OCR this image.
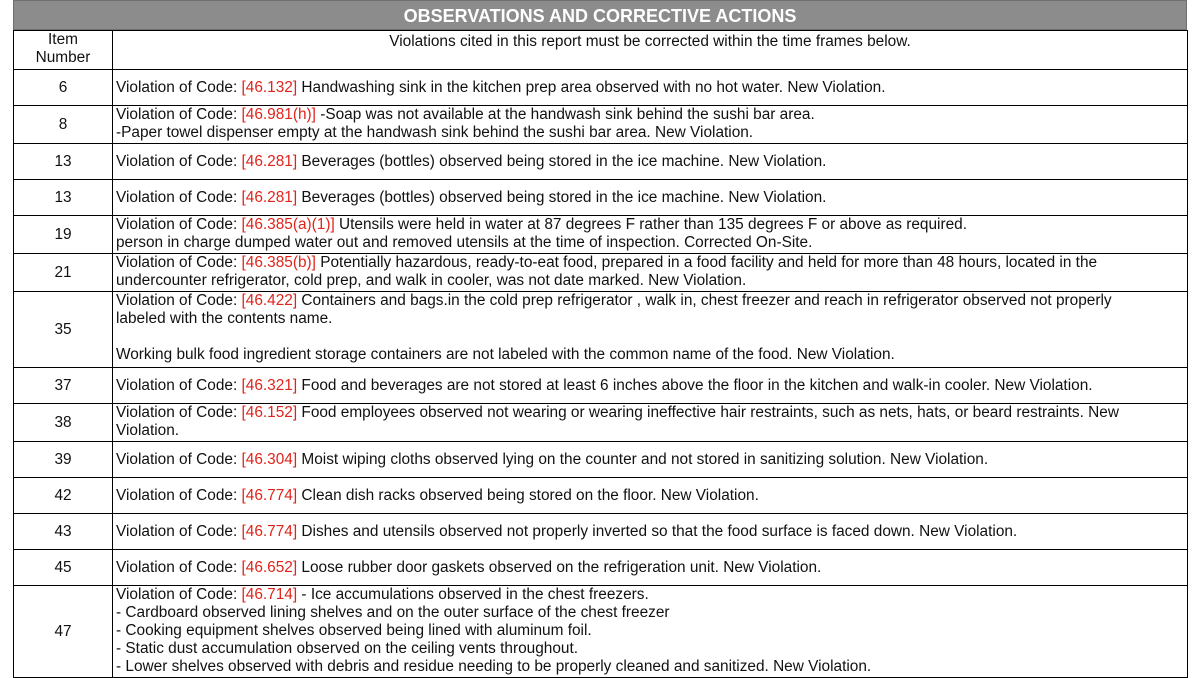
OBSERVATIONS AND CORRECTIVE ACTIONS
Item
Number	Violations cited in this report must be corrected within the time frames below.
6	Violation of Code: [46.132] Handwashing sink in the kitchen prep area observed with no hot water. New Violation.

8	Violation of Code: [46.981(h)] -Soap was not available at the handwash sink behind the sushi bar area.
-Paper towel dispenser empty at the handwash sink behind the sushi bar area. New Violation.

13	Violation of Code: [46.281] Beverages (bottles) observed being stored in the ice machine. New Violation.

13	Violation of Code: [46.281] Beverages (bottles) observed being stored in the ice machine. New Violation.

19	Violation of Code: [46.385(a)(1)] Utensils were held in water at 87 degrees F rather than 135 degrees F or above as required.
person in charge dumped water out and removed utensils at the time of inspection. Corrected On-Site.

21	Violation of Code: [46.385(b)] Potentially hazardous, ready-to-eat food, prepared in a food facility and held for more than 48 hours, located in the
undercounter refrigerator, cold prep, and walk in cooler, was not date marked. New Violation.

35	Violation of Code: [46.422] Containers and bags.in the cold prep refrigerator , walk in, chest freezer and reach in refrigerator observed not properly
labeled with the contents name.
Working bulk food ingredient storage containers are not labeled with the common name of the food. New Violation.

37	Violation of Code: [46.321] Food and beverages are not stored at least 6 inches above the floor in the kitchen and walk-in cooler. New Violation.

38	Violation of Code: [46.152] Food employees observed not wearing or wearing ineffective hair restraints, such as nets, hats, or beard restraints. New
Violation.

39	Violation of Code: [46.304] Moist wiping cloths observed lying on the counter and not stored in sanitizing solution. New Violation.

42	Violation of Code: [46.774] Clean dish racks observed being stored on the floor. New Violation.

43	Violation of Code: [46.774] Dishes and utensils observed not properly inverted so that the food surface is faced down. New Violation.

45	Violation of Code: [46.652] Loose rubber door gaskets observed on the refrigeration unit. New Violation.

47	Violation of Code: [46.714] - Ice accumulations observed in the chest freezers.
- Cardboard observed lining shelves and on the outer surface of the chest freezer
- Cooking equipment shelves observed being lined with aluminum foil.
- Static dust accumulation observed on the ceiling vents throughout.
- Lower shelves observed with debris and residue needing to be properly cleaned and sanitized. New Violation.
